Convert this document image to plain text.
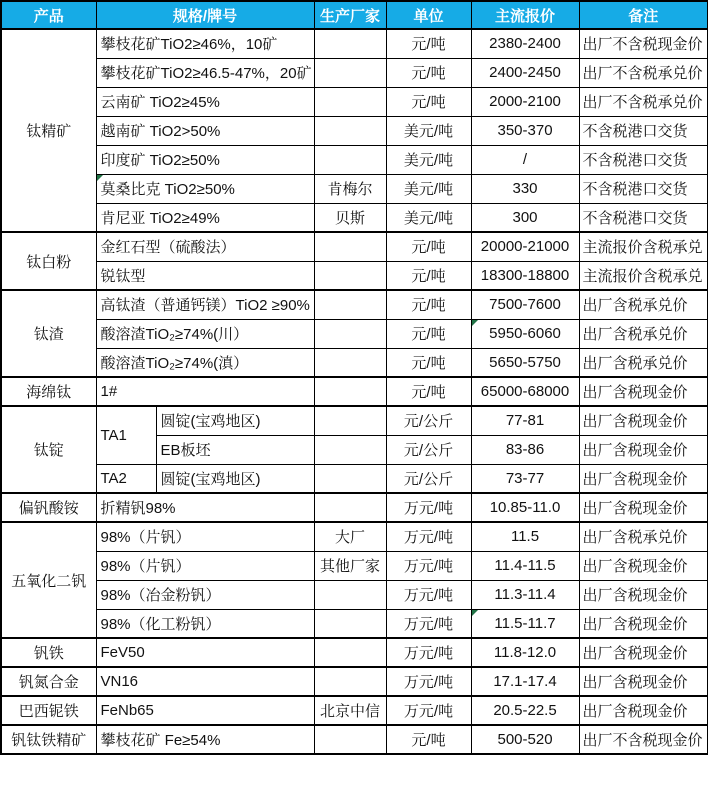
产品	规格/牌号		生产厂家	单位	主流报价	备注
钛精矿	攀枝花矿TiO2≥46%，10矿			元/吨	2380-2400	出厂不含税现金价
	攀枝花矿TiO2≥46.5-47%，20矿			元/吨	2400-2450	出厂不含税承兑价
	云南矿 TiO2≥45%			元/吨	2000-2100	出厂不含税承兑价
	越南矿 TiO2>50%			美元/吨	350-370	不含税港口交货
	印度矿 TiO2≥50%			美元/吨	/	不含税港口交货
	莫桑比克 TiO2≥50%		肯梅尔	美元/吨	330	不含税港口交货
	肯尼亚 TiO2≥49%		贝斯	美元/吨	300	不含税港口交货
钛白粉	金红石型（硫酸法）			元/吨	20000-21000	主流报价含税承兑
	锐钛型			元/吨	18300-18800	主流报价含税承兑
钛渣	高钛渣（普通钙镁）TiO2 ≥90%			元/吨	7500-7600	出厂含税承兑价
	酸溶渣TiO₂≥74%(川）			元/吨	5950-6060	出厂含税承兑价
	酸溶渣TiO₂≥74%(滇）			元/吨	5650-5750	出厂含税承兑价
海绵钛	1#			元/吨	65000-68000	出厂含税现金价
钛锭	TA1	圆锭(宝鸡地区)		元/公斤	77-81	出厂含税现金价
		EB板坯		元/公斤	83-86	出厂含税现金价
	TA2	圆锭(宝鸡地区)		元/公斤	73-77	出厂含税现金价
偏钒酸铵	折精钒98%			万元/吨	10.85-11.0	出厂含税现金价
五氧化二钒	98%（片钒）		大厂	万元/吨	11.5	出厂含税承兑价
	98%（片钒）		其他厂家	万元/吨	11.4-11.5	出厂含税现金价
	98%（冶金粉钒）			万元/吨	11.3-11.4	出厂含税现金价
	98%（化工粉钒）			万元/吨	11.5-11.7	出厂含税现金价
钒铁	FeV50			万元/吨	11.8-12.0	出厂含税现金价
钒氮合金	VN16			万元/吨	17.1-17.4	出厂含税现金价
巴西铌铁	FeNb65		北京中信	万元/吨	20.5-22.5	出厂含税现金价
钒钛铁精矿	攀枝花矿 Fe≥54%			元/吨	500-520	出厂不含税现金价
